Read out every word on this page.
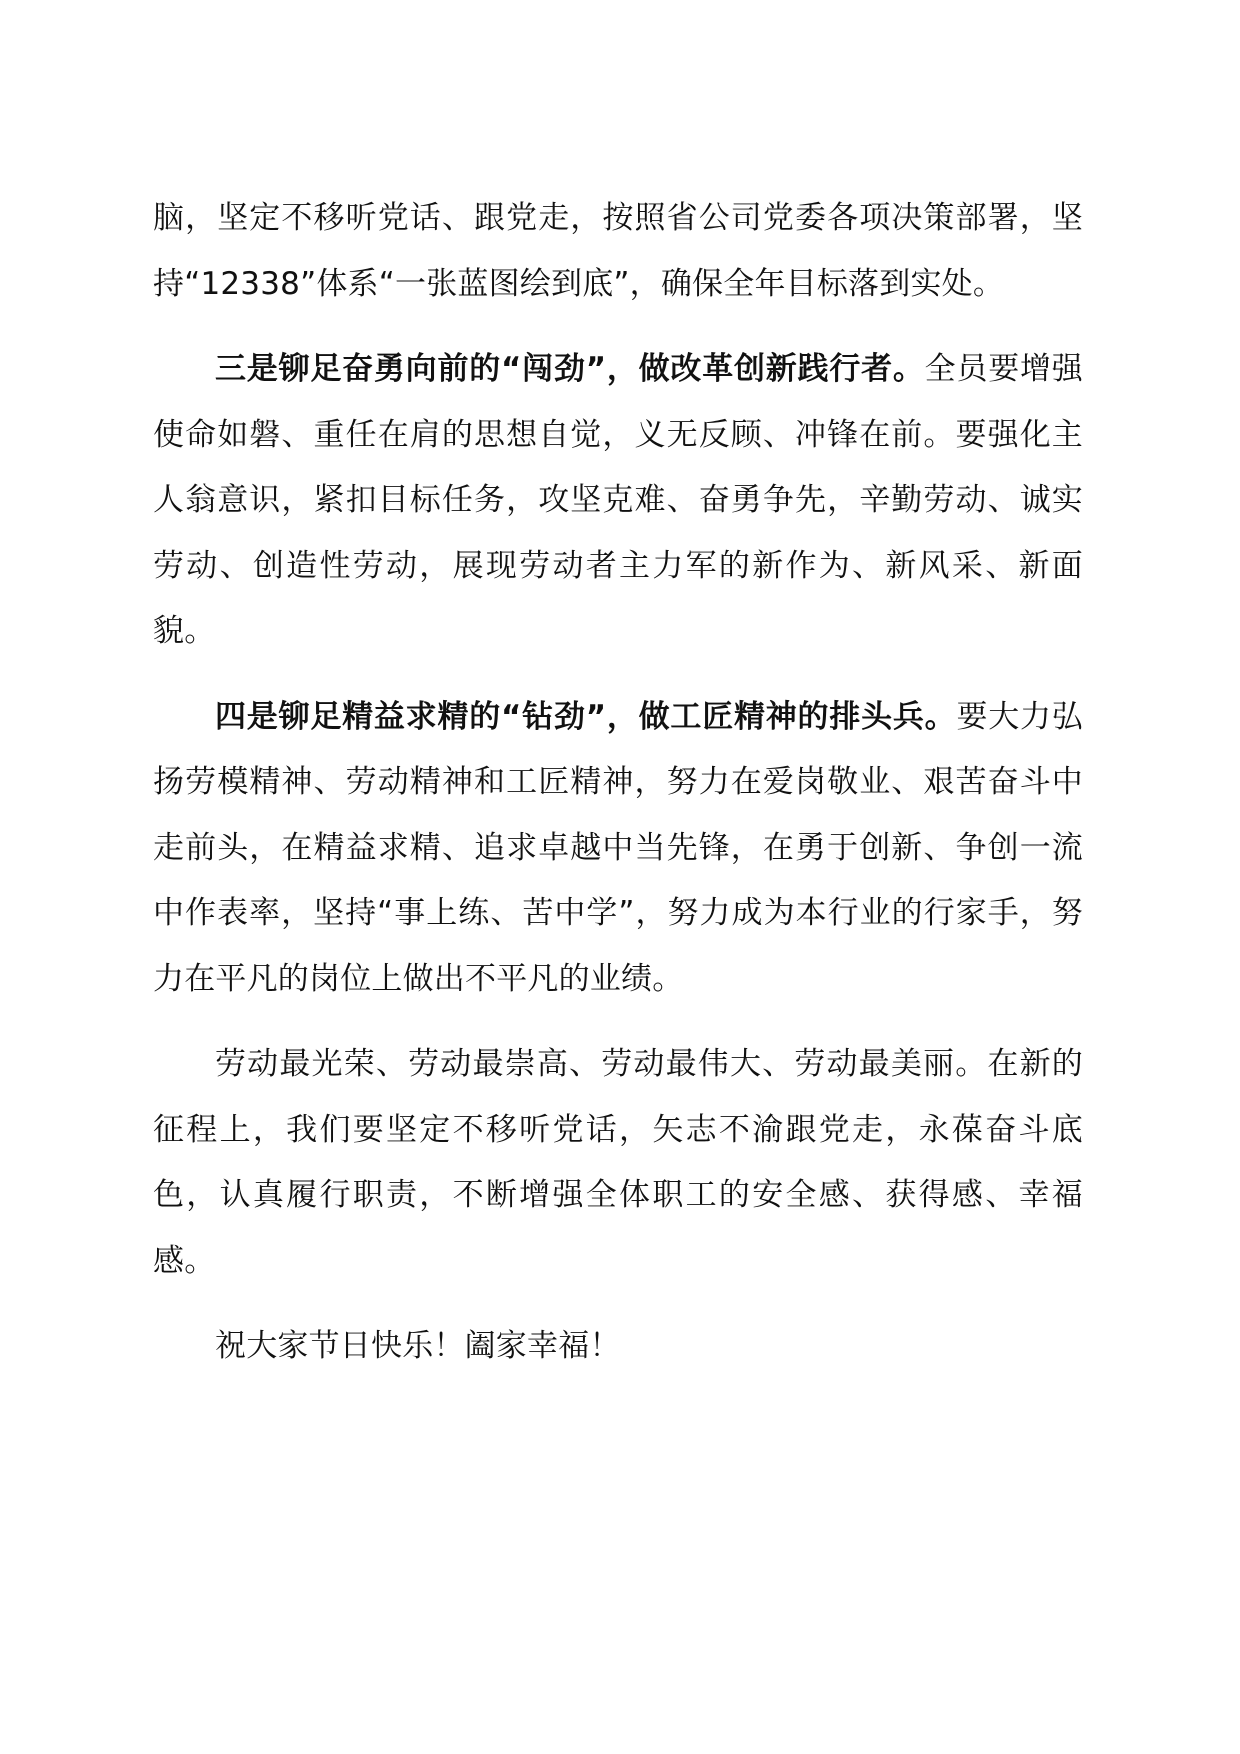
脑，坚定不移听党话、跟党走，按照省公司党委各项决策部署，坚持“12338”体系“一张蓝图绘到底”，确保全年目标落到实处。

三是铆足奋勇向前的“闯劲”，做改革创新践行者。全员要增强使命如磐、重任在肩的思想自觉，义无反顾、冲锋在前。要强化主人翁意识，紧扣目标任务，攻坚克难、奋勇争先，辛勤劳动、诚实劳动、创造性劳动，展现劳动者主力军的新作为、新风采、新面貌。

四是铆足精益求精的“钻劲”，做工匠精神的排头兵。要大力弘扬劳模精神、劳动精神和工匠精神，努力在爱岗敬业、艰苦奋斗中走前头，在精益求精、追求卓越中当先锋，在勇于创新、争创一流中作表率，坚持“事上练、苦中学”，努力成为本行业的行家手，努力在平凡的岗位上做出不平凡的业绩。

劳动最光荣、劳动最崇高、劳动最伟大、劳动最美丽。在新的征程上，我们要坚定不移听党话，矢志不渝跟党走，永葆奋斗底色，认真履行职责，不断增强全体职工的安全感、获得感、幸福感。

祝大家节日快乐！阖家幸福！
